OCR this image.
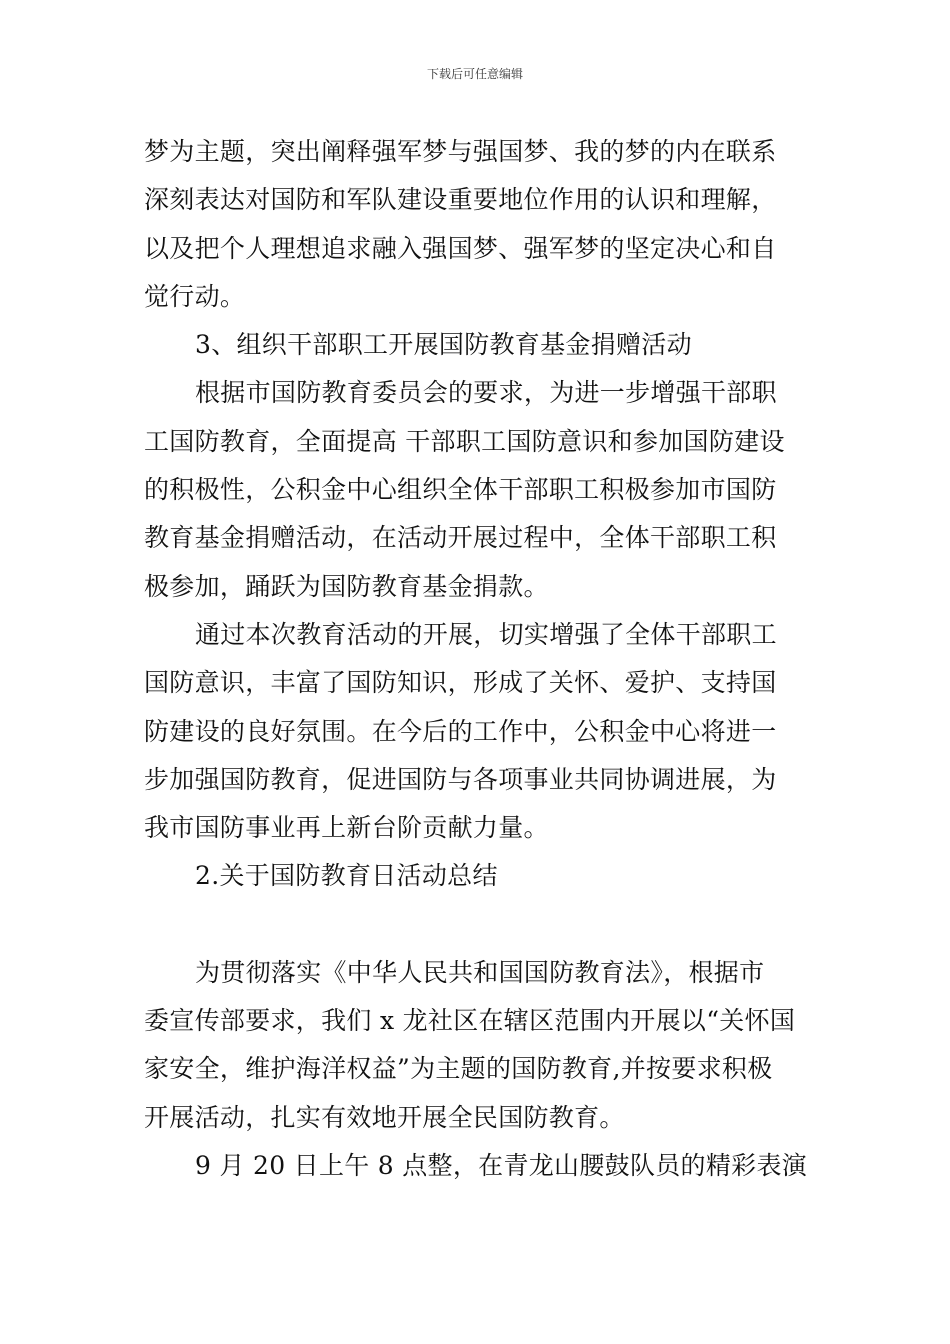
下载后可任意编辑
梦为主题，突出阐释强军梦与强国梦、我的梦的内在联系
深刻表达对国防和军队建设重要地位作用的认识和理解，
以及把个人理想追求融入强国梦、强军梦的坚定决心和自
觉行动。
3、组织干部职工开展国防教育基金捐赠活动
根据市国防教育委员会的要求，为进一步增强干部职
工国防教育，全面提高 干部职工国防意识和参加国防建设
的积极性，公积金中心组织全体干部职工积极参加市国防
教育基金捐赠活动，在活动开展过程中，全体干部职工积
极参加，踊跃为国防教育基金捐款。
通过本次教育活动的开展，切实增强了全体干部职工
国防意识，丰富了国防知识，形成了关怀、爱护、支持国
防建设的良好氛围。在今后的工作中，公积金中心将进一
步加强国防教育，促进国防与各项事业共同协调进展，为
我市国防事业再上新台阶贡献力量。
2.关于国防教育日活动总结
为贯彻落实《中华人民共和国国防教育法》，根据市
委宣传部要求，我们 x 龙社区在辖区范围内开展以“关怀国
家安全，维护海洋权益”为主题的国防教育,并按要求积极
开展活动，扎实有效地开展全民国防教育。
9 月 20 日上午 8 点整，在青龙山腰鼓队员的精彩表演
